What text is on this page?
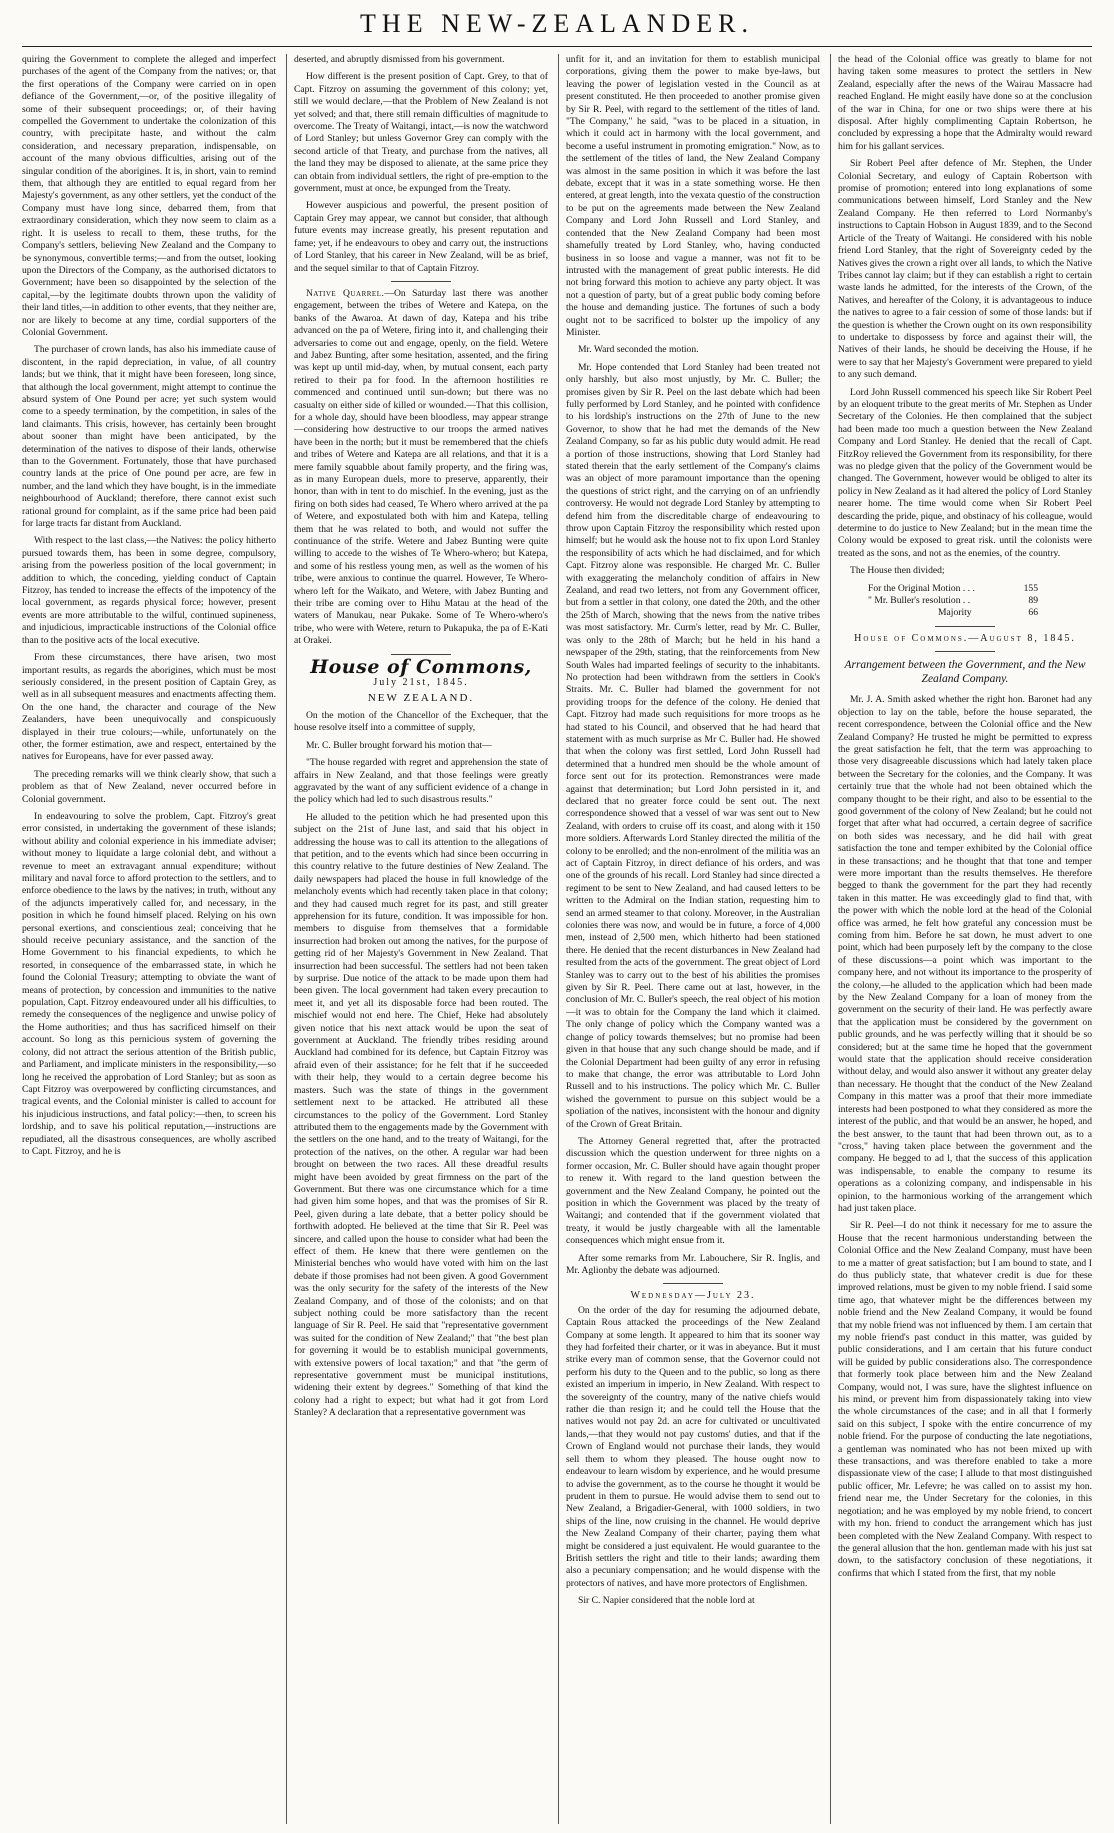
THE NEW-ZEALANDER.

quiring the Government to complete the alleged and imperfect purchases of the agent of the Company from the natives; or, that the first operations of the Company were carried on in open defiance of the Government,—or, of the positive illegality of some of their subsequent proceedings; or, of their having compelled the Government to undertake the colonization of this country, with precipitate haste, and without the calm consideration, and necessary preparation, indispensable, on account of the many obvious difficulties, arising out of the singular condition of the aborigines. It is, in short, vain to remind them, that although they are entitled to equal regard from her Majesty's government, as any other settlers, yet the conduct of the Company must have long since, debarred them, from that extraordinary consideration, which they now seem to claim as a right. It is useless to recall to them, these truths, for the Company's settlers, believing New Zealand and the Company to be synonymous, convertible terms;—and from the outset, looking upon the Directors of the Company, as the authorised dictators to Government; have been so disappointed by the selection of the capital,—by the legitimate doubts thrown upon the validity of their land titles,—in addition to other events, that they neither are, nor are likely to become at any time, cordial supporters of the Colonial Government.

The purchaser of crown lands, has also his immediate cause of discontent, in the rapid depreciation, in value, of all country lands; but we think, that it might have been foreseen, long since, that although the local government, might attempt to continue the absurd system of One Pound per acre; yet such system would come to a speedy termination, by the competition, in sales of the land claimants. This crisis, however, has certainly been brought about sooner than might have been anticipated, by the determination of the natives to dispose of their lands, otherwise than to the Government. Fortunately, those that have purchased country lands at the price of One pound per acre, are few in number, and the land which they have bought, is in the immediate neighbourhood of Auckland; therefore, there cannot exist such rational ground for complaint, as if the same price had been paid for large tracts far distant from Auckland.

With respect to the last class,—the Natives: the policy hitherto pursued towards them, has been in some degree, compulsory, arising from the powerless position of the local government; in addition to which, the conceding, yielding conduct of Captain Fitzroy, has tended to increase the effects of the impotency of the local government, as regards physical force; however, present events are more attributable to the wilful, continued supineness, and injudicious, impracticable instructions of the Colonial office than to the positive acts of the local executive.

From these circumstances, there have arisen, two most important results, as regards the aborigines, which must be most seriously considered, in the present position of Captain Grey, as well as in all subsequent measures and enactments affecting them. On the one hand, the character and courage of the New Zealanders, have been unequivocally and conspicuously displayed in their true colours;—while, unfortunately on the other, the former estimation, awe and respect, entertained by the natives for Europeans, have for ever passed away.

The preceding remarks will we think clearly show, that such a problem as that of New Zealand, never occurred before in Colonial government.

In endeavouring to solve the problem, Capt. Fitzroy's great error consisted, in undertaking the government of these islands; without ability and colonial experience in his immediate adviser; without money to liquidate a large colonial debt, and without a revenue to meet an extravagant annual expenditure; without military and naval force to afford protection to the settlers, and to enforce obedience to the laws by the natives; in truth, without any of the adjuncts imperatively called for, and necessary, in the position in which he found himself placed. Relying on his own personal exertions, and conscientious zeal; conceiving that he should receive pecuniary assistance, and the sanction of the Home Government to his financial expedients, to which he resorted, in consequence of the embarrassed state, in which he found the Colonial Treasury; attempting to obviate the want of means of protection, by concession and immunities to the native population, Capt. Fitzroy endeavoured under all his difficulties, to remedy the consequences of the negligence and unwise policy of the Home authorities; and thus has sacrificed himself on their account. So long as this pernicious system of governing the colony, did not attract the serious attention of the British public, and Parliament, and implicate ministers in the responsibility,—so long he received the approbation of Lord Stanley; but as soon as Capt Fitzroy was overpowered by conflicting circumstances, and tragical events, and the Colonial minister is called to account for his injudicious instructions, and fatal policy:—then, to screen his lordship, and to save his political reputation,—instructions are repudiated, all the disastrous consequences, are wholly ascribed to Capt. Fitzroy, and he is

deserted, and abruptly dismissed from his government.

How different is the present position of Capt. Grey, to that of Capt. Fitzroy on assuming the government of this colony; yet, still we would declare,—that the Problem of New Zealand is not yet solved; and that, there still remain difficulties of magnitude to overcome. The Treaty of Waitangi, intact,—is now the watchword of Lord Stanley; but unless Governor Grey can comply with the second article of that Treaty, and purchase from the natives, all the land they may be disposed to alienate, at the same price they can obtain from individual settlers, the right of pre-emption to the government, must at once, be expunged from the Treaty.

However auspicious and powerful, the present position of Captain Grey may appear, we cannot but consider, that although future events may increase greatly, his present reputation and fame; yet, if he endeavours to obey and carry out, the instructions of Lord Stanley, that his career in New Zealand, will be as brief, and the sequel similar to that of Captain Fitzroy.

Native Quarrel.—On Saturday last there was another engagement, between the tribes of Wetere and Katepa, on the banks of the Awaroa. At dawn of day, Katepa and his tribe advanced on the pa of Wetere, firing into it, and challenging their adversaries to come out and engage, openly, on the field. Wetere and Jabez Bunting, after some hesitation, assented, and the firing was kept up until mid-day, when, by mutual consent, each party retired to their pa for food. In the afternoon hostilities re commenced and continued until sun-down; but there was no casualty on either side of killed or wounded.—That this collision, for a whole day, should have been bloodless, may appear strange—considering how destructive to our troops the armed natives have been in the north; but it must be remembered that the chiefs and tribes of Wetere and Katepa are all relations, and that it is a mere family squabble about family property, and the firing was, as in many European duels, more to preserve, apparently, their honor, than with in tent to do mischief. In the evening, just as the firing on both sides had ceased, Te Whero whero arrived at the pa of Wetere, and expostulated both with him and Katepa, telling them that he was related to both, and would not suffer the continuance of the strife. Wetere and Jabez Bunting were quite willing to accede to the wishes of Te Whero-whero; but Katepa, and some of his restless young men, as well as the women of his tribe, were anxious to continue the quarrel. However, Te Whero-whero left for the Waikato, and Wetere, with Jabez Bunting and their tribe are coming over to Hihu Matau at the head of the waters of Manukau, near Pukake. Some of Te Whero-whero's tribe, who were with Wetere, return to Pukapuka, the pa of E-Kati at Orakei.

House of Commons,
July 21st, 1845.
NEW ZEALAND.

On the motion of the Chancellor of the Exchequer, that the house resolve itself into a committee of supply,

Mr. C. Buller brought forward his motion that—

"The house regarded with regret and apprehension the state of affairs in New Zealand, and that those feelings were greatly aggravated by the want of any sufficient evidence of a change in the policy which had led to such disastrous results."

He alluded to the petition which he had presented upon this subject on the 21st of June last, and said that his object in addressing the house was to call its attention to the allegations of that petition, and to the events which had since been occurring in this country relative to the future destinies of New Zealand. The daily newspapers had placed the house in full knowledge of the melancholy events which had recently taken place in that colony; and they had caused much regret for its past, and still greater apprehension for its future, condition. It was impossible for hon. members to disguise from themselves that a formidable insurrection had broken out among the natives, for the purpose of getting rid of her Majesty's Government in New Zealand. That insurrection had been successful. The settlers had not been taken by surprise. Due notice of the attack to be made upon them had been given. The local government had taken every precaution to meet it, and yet all its disposable force had been routed. The mischief would not end here. The Chief, Heke had absolutely given notice that his next attack would be upon the seat of government at Auckland. The friendly tribes residing around Auckland had combined for its defence, but Captain Fitzroy was afraid even of their assistance; for he felt that if he succeeded with their help, they would to a certain degree become his masters. Such was the state of things in the government settlement next to be attacked. He attributed all these circumstances to the policy of the Government. Lord Stanley attributed them to the engagements made by the Government with the settlers on the one hand, and to the treaty of Waitangi, for the protection of the natives, on the other. A regular war had been brought on between the two races. All these dreadful results might have been avoided by great firmness on the part of the Government. But there was one circumstance which for a time had given him some hopes, and that was the promises of Sir R. Peel, given during a late debate, that a better policy should be forthwith adopted. He believed at the time that Sir R. Peel was sincere, and called upon the house to consider what had been the effect of them. He knew that there were gentlemen on the Ministerial benches who would have voted with him on the last debate if those promises had not been given. A good Government was the only security for the safety of the interests of the New Zealand Company, and of those of the colonists; and on that subject nothing could be more satisfactory than the recent language of Sir R. Peel. He said that "representative government was suited for the condition of New Zealand;" that "the best plan for governing it would be to establish municipal governments, with extensive powers of local taxation;" and that "the germ of representative government must be municipal institutions, widening their extent by degrees." Something of that kind the colony had a right to expect; but what had it got from Lord Stanley? A declaration that a representative government was

unfit for it, and an invitation for them to establish municipal corporations, giving them the power to make bye-laws, but leaving the power of legislation vested in the Council as at present constituted. He then proceeded to another promise given by Sir R. Peel, with regard to the settlement of the titles of land. "The Company," he said, "was to be placed in a situation, in which it could act in harmony with the local government, and become a useful instrument in promoting emigration." Now, as to the settlement of the titles of land, the New Zealand Company was almost in the same position in which it was before the last debate, except that it was in a state something worse. He then entered, at great length, into the vexata questio of the construction to be put on the agreements made between the New Zealand Company and Lord John Russell and Lord Stanley, and contended that the New Zealand Company had been most shamefully treated by Lord Stanley, who, having conducted business in so loose and vague a manner, was not fit to be intrusted with the management of great public interests. He did not bring forward this motion to achieve any party object. It was not a question of party, but of a great public body coming before the house and demanding justice. The fortunes of such a body ought not to be sacrificed to bolster up the impolicy of any Minister.

Mr. Ward seconded the motion.

Mr. Hope contended that Lord Stanley had been treated not only harshly, but also most unjustly, by Mr. C. Buller; the promises given by Sir R. Peel on the last debate which had been fully performed by Lord Stanley, and he pointed with confidence to his lordship's instructions on the 27th of June to the new Governor, to show that he had met the demands of the New Zealand Company, so far as his public duty would admit. He read a portion of those instructions, showing that Lord Stanley had stated therein that the early settlement of the Company's claims was an object of more paramount importance than the opening the questions of strict right, and the carrying on of an unfriendly controversy. He would not degrade Lord Stanley by attempting to defend him from the discreditable charge of endeavouring to throw upon Captain Fitzroy the responsibility which rested upon himself; but he would ask the house not to fix upon Lord Stanley the responsibility of acts which he had disclaimed, and for which Capt. Fitzroy alone was responsible. He charged Mr. C. Buller with exaggerating the melancholy condition of affairs in New Zealand, and read two letters, not from any Government officer, but from a settler in that colony, one dated the 20th, and the other the 25th of March, showing that the news from the native tribes was most satisfactory. Mr. Curm's letter, read by Mr. C. Buller, was only to the 28th of March; but he held in his hand a newspaper of the 29th, stating, that the reinforcements from New South Wales had imparted feelings of security to the inhabitants. No protection had been withdrawn from the settlers in Cook's Straits. Mr. C. Buller had blamed the government for not providing troops for the defence of the colony. He denied that Capt. Fitzroy had made such requisitions for more troops as he had stated to his Council, and observed that he had heard that statement with as much surprise as Mr C. Buller had. He showed that when the colony was first settled, Lord John Russell had determined that a hundred men should be the whole amount of force sent out for its protection. Remonstrances were made against that determination; but Lord John persisted in it, and declared that no greater force could be sent out. The next correspondence showed that a vessel of war was sent out to New Zealand, with orders to cruise off its coast, and along with it 150 more soldiers. Afterwards Lord Stanley directed the militia of the colony to be enrolled; and the non-enrolment of the militia was an act of Captain Fitzroy, in direct defiance of his orders, and was one of the grounds of his recall. Lord Stanley had since directed a regiment to be sent to New Zealand, and had caused letters to be written to the Admiral on the Indian station, requesting him to send an armed steamer to that colony. Moreover, in the Australian colonies there was now, and would be in future, a force of 4,000 men, instead of 2,500 men, which hitherto had been stationed there. He denied that the recent disturbances in New Zealand had resulted from the acts of the government. The great object of Lord Stanley was to carry out to the best of his abilities the promises given by Sir R. Peel. There came out at last, however, in the conclusion of Mr. C. Buller's speech, the real object of his motion—it was to obtain for the Company the land which it claimed. The only change of policy which the Company wanted was a change of policy towards themselves; but no promise had been given in that house that any such change should be made, and if the Colonial Department had been guilty of any error in refusing to make that change, the error was attributable to Lord John Russell and to his instructions. The policy which Mr. C. Buller wished the government to pursue on this subject would be a spoliation of the natives, inconsistent with the honour and dignity of the Crown of Great Britain.

The Attorney General regretted that, after the protracted discussion which the question underwent for three nights on a former occasion, Mr. C. Buller should have again thought proper to renew it. With regard to the land question between the government and the New Zealand Company, he pointed out the position in which the Government was placed by the treaty of Waitangi; and contended that if the government violated that treaty, it would be justly chargeable with all the lamentable consequences which might ensue from it.

After some remarks from Mr. Labouchere, Sir R. Inglis, and Mr. Aglionby the debate was adjourned.

Wednesday—July 23.

On the order of the day for resuming the adjourned debate, Captain Rous attacked the proceedings of the New Zealand Company at some length. It appeared to him that its sooner way they had forfeited their charter, or it was in abeyance. But it must strike every man of common sense, that the Governor could not perform his duty to the Queen and to the public, so long as there existed an imperium in imperio, in New Zealand. With respect to the sovereignty of the country, many of the native chiefs would rather die than resign it; and he could tell the House that the natives would not pay 2d. an acre for cultivated or uncultivated lands,—that they would not pay customs' duties, and that if the Crown of England would not purchase their lands, they would sell them to whom they pleased. The house ought now to endeavour to learn wisdom by experience, and he would presume to advise the government, as to the course he thought it would be prudent in them to pursue. He would advise them to send out to New Zealand, a Brigadier-General, with 1000 soldiers, in two ships of the line, now cruising in the channel. He would deprive the New Zealand Company of their charter, paying them what might be considered a just equivalent. He would guarantee to the British settlers the right and title to their lands; awarding them also a pecuniary compensation; and he would dispense with the protectors of natives, and have more protectors of Englishmen.

Sir C. Napier considered that the noble lord at

the head of the Colonial office was greatly to blame for not having taken some measures to protect the settlers in New Zealand, especially after the news of the Wairau Massacre had reached England. He might easily have done so at the conclusion of the war in China, for one or two ships were there at his disposal. After highly complimenting Captain Robertson, he concluded by expressing a hope that the Admiralty would reward him for his gallant services.

Sir Robert Peel after defence of Mr. Stephen, the Under Colonial Secretary, and eulogy of Captain Robertson with promise of promotion; entered into long explanations of some communications between himself, Lord Stanley and the New Zealand Company. He then referred to Lord Normanby's instructions to Captain Hobson in August 1839, and to the Second Article of the Treaty of Waitangi. He considered with his noble friend Lord Stanley, that the right of Sovereignty ceded by the Natives gives the crown a right over all lands, to which the Native Tribes cannot lay claim; but if they can establish a right to certain waste lands he admitted, for the interests of the Crown, of the Natives, and hereafter of the Colony, it is advantageous to induce the natives to agree to a fair cession of some of those lands: but if the question is whether the Crown ought on its own responsibility to undertake to dispossess by force and against their will, the Natives of their lands, he should be deceiving the House, if he were to say that her Majesty's Government were prepared to yield to any such demand.

Lord John Russell commenced his speech like Sir Robert Peel by an eloquent tribute to the great merits of Mr. Stephen as Under Secretary of the Colonies. He then complained that the subject had been made too much a question between the New Zealand Company and Lord Stanley. He denied that the recall of Capt. FitzRoy relieved the Government from its responsibility, for there was no pledge given that the policy of the Government would be changed. The Government, however would be obliged to alter its policy in New Zealand as it had altered the policy of Lord Stanley nearer home. The time would come when Sir Robert Peel descarding the pride, pique, and obstinacy of his colleague, would determine to do justice to New Zealand; but in the mean time the Colony would be exposed to great risk. until the colonists were treated as the sons, and not as the enemies, of the country.

The House then divided;

For the Original Motion . . .	155
" Mr. Buller's resolution . .	89
Majority	66
House of Commons.—August 8, 1845.
Arrangement between the Government, and the New Zealand Company.

Mr. J. A. Smith asked whether the right hon. Baronet had any objection to lay on the table, before the house separated, the recent correspondence, between the Colonial office and the New Zealand Company? He trusted he might be permitted to express the great satisfaction he felt, that the term was approaching to those very disagreeable discussions which had lately taken place between the Secretary for the colonies, and the Company. It was certainly true that the whole had not been obtained which the company thought to be their right, and also to be essential to the good government of the colony of New Zealand; but he could not forget that after what had occurred, a certain degree of sacrifice on both sides was necessary, and he did hail with great satisfaction the tone and temper exhibited by the Colonial office in these transactions; and he thought that that tone and temper were more important than the results themselves. He therefore begged to thank the government for the part they had recently taken in this matter. He was exceedingly glad to find that, with the power with which the noble lord at the head of the Colonial office was armed, he felt how grateful any concession must be coming from him. Before he sat down, he must advert to one point, which had been purposely left by the company to the close of these discussions—a point which was important to the company here, and not without its importance to the prosperity of the colony,—he alluded to the application which had been made by the New Zealand Company for a loan of money from the government on the security of their land. He was perfectly aware that the application must be considered by the government on public grounds, and he was perfectly willing that it should be so considered; but at the same time he hoped that the government would state that the application should receive consideration without delay, and would also answer it without any greater delay than necessary. He thought that the conduct of the New Zealand Company in this matter was a proof that their more immediate interests had been postponed to what they considered as more the interest of the public, and that would be an answer, he hoped, and the best answer, to the taunt that had been thrown out, as to a "cross," having taken place between the government and the company. He begged to ad l, that the success of this application was indispensable, to enable the company to resume its operations as a colonizing company, and indispensable in his opinion, to the harmonious working of the arrangement which had just taken place.

Sir R. Peel—I do not think it necessary for me to assure the House that the recent harmonious understanding between the Colonial Office and the New Zealand Company, must have been to me a matter of great satisfaction; but I am bound to state, and I do thus publicly state, that whatever credit is due for these improved relations, must be given to my noble friend. I said some time ago, that whatever might be the differences between my noble friend and the New Zealand Company, it would be found that my noble friend was not influenced by them. I am certain that my noble friend's past conduct in this matter, was guided by public considerations, and I am certain that his future conduct will be guided by public considerations also. The correspondence that formerly took place between him and the New Zealand Company, would not, I was sure, have the slightest influence on his mind, or prevent him from dispassionately taking into view the whole circumstances of the case; and in all that I formerly said on this subject, I spoke with the entire concurrence of my noble friend. For the purpose of conducting the late negotiations, a gentleman was nominated who has not been mixed up with these transactions, and was therefore enabled to take a more dispassionate view of the case; I allude to that most distinguished public officer, Mr. Lefevre; he was called on to assist my hon. friend near me, the Under Secretary for the colonies, in this negotiation; and he was employed by my noble friend, to concert with my hon. friend to conduct the arrangement which has just been completed with the New Zealand Company. With respect to the general allusion that the hon. gentleman made with his just sat down, to the satisfactory conclusion of these negotiations, it confirms that which I stated from the first, that my noble
